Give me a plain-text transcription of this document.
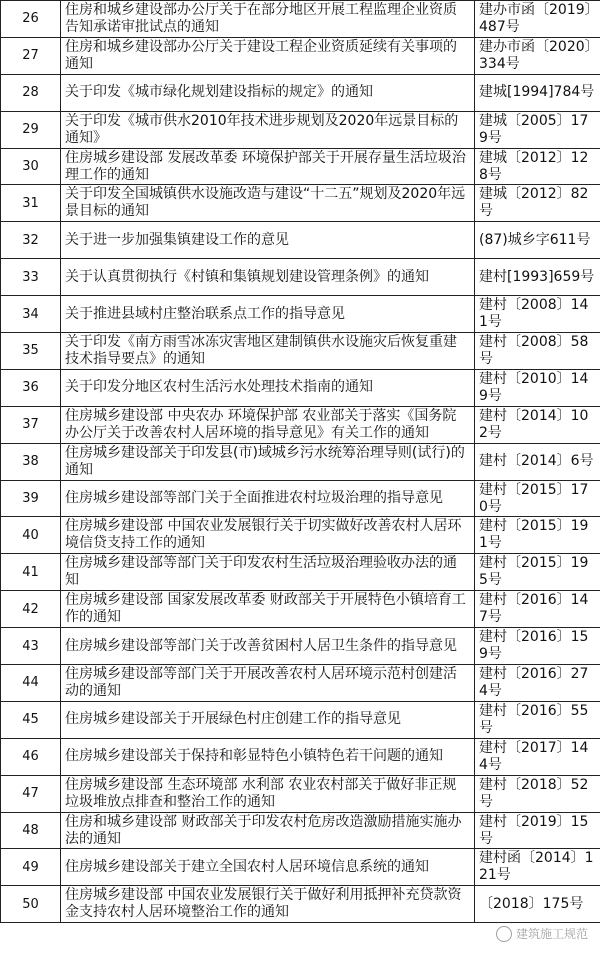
26	住房和城乡建设部办公厅关于在部分地区开展工程监理企业资质告知承诺审批试点的通知	建办市函〔2019〕487号
27	住房和城乡建设部办公厅关于建设工程企业资质延续有关事项的通知	建办市函〔2020〕334号
28	关于印发《城市绿化规划建设指标的规定》的通知	建城[1994]784号
29	关于印发《城市供水2010年技术进步规划及2020年远景目标的通知》	建城〔2005〕179号
30	住房城乡建设部 发展改革委 环境保护部关于开展存量生活垃圾治理工作的通知	建城〔2012〕128号
31	关于印发全国城镇供水设施改造与建设“十二五”规划及2020年远景目标的通知	建城〔2012〕82号
32	关于进一步加强集镇建设工作的意见	(87)城乡字611号
33	关于认真贯彻执行《村镇和集镇规划建设管理条例》的通知	建村[1993]659号
34	关于推进县域村庄整治联系点工作的指导意见	建村〔2008〕141号
35	关于印发《南方雨雪冰冻灾害地区建制镇供水设施灾后恢复重建技术指导要点》的通知	建村〔2008〕58号
36	关于印发分地区农村生活污水处理技术指南的通知	建村〔2010〕149号
37	住房城乡建设部 中央农办 环境保护部 农业部关于落实《国务院办公厅关于改善农村人居环境的指导意见》有关工作的通知	建村〔2014〕102号
38	住房城乡建设部关于印发县(市)域城乡污水统筹治理导则(试行)的通知	建村〔2014〕6号
39	住房城乡建设部等部门关于全面推进农村垃圾治理的指导意见	建村〔2015〕170号
40	住房城乡建设部 中国农业发展银行关于切实做好改善农村人居环境信贷支持工作的通知	建村〔2015〕191号
41	住房城乡建设部等部门关于印发农村生活垃圾治理验收办法的通知	建村〔2015〕195号
42	住房城乡建设部 国家发展改革委 财政部关于开展特色小镇培育工作的通知	建村〔2016〕147号
43	住房城乡建设部等部门关于改善贫困村人居卫生条件的指导意见	建村〔2016〕159号
44	住房城乡建设部等部门关于开展改善农村人居环境示范村创建活动的通知	建村〔2016〕274号
45	住房城乡建设部关于开展绿色村庄创建工作的指导意见	建村〔2016〕55号
46	住房城乡建设部关于保持和彰显特色小镇特色若干问题的通知	建村〔2017〕144号
47	住房城乡建设部 生态环境部 水利部 农业农村部关于做好非正规垃圾堆放点排查和整治工作的通知	建村〔2018〕52号
48	住房和城乡建设部 财政部关于印发农村危房改造激励措施实施办法的通知	建村〔2019〕15号
49	住房城乡建设部关于建立全国农村人居环境信息系统的通知	建村函〔2014〕121号
50	住房城乡建设部 中国农业发展银行关于做好利用抵押补充贷款资金支持农村人居环境整治工作的通知	〔2018〕175号
建筑施工规范
